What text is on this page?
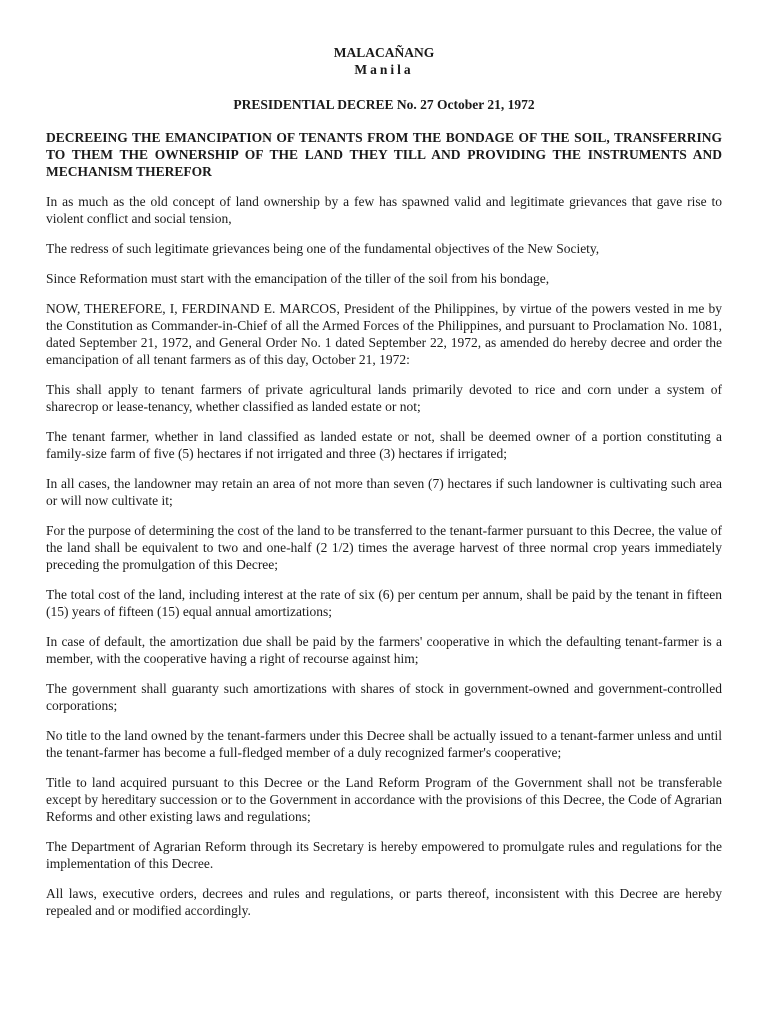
MALACAÑANG

Manila

PRESIDENTIAL DECREE No. 27 October 21, 1972

DECREEING THE EMANCIPATION OF TENANTS FROM THE BONDAGE OF THE SOIL, TRANSFERRING TO THEM THE OWNERSHIP OF THE LAND THEY TILL AND PROVIDING THE INSTRUMENTS AND MECHANISM THEREFOR

In as much as the old concept of land ownership by a few has spawned valid and legitimate grievances that gave rise to violent conflict and social tension,

The redress of such legitimate grievances being one of the fundamental objectives of the New Society,

Since Reformation must start with the emancipation of the tiller of the soil from his bondage,

NOW, THEREFORE, I, FERDINAND E. MARCOS, President of the Philippines, by virtue of the powers vested in me by the Constitution as Commander-in-Chief of all the Armed Forces of the Philippines, and pursuant to Proclamation No. 1081, dated September 21, 1972, and General Order No. 1 dated September 22, 1972, as amended do hereby decree and order the emancipation of all tenant farmers as of this day, October 21, 1972:

This shall apply to tenant farmers of private agricultural lands primarily devoted to rice and corn under a system of sharecrop or lease-tenancy, whether classified as landed estate or not;

The tenant farmer, whether in land classified as landed estate or not, shall be deemed owner of a portion constituting a family-size farm of five (5) hectares if not irrigated and three (3) hectares if irrigated;

In all cases, the landowner may retain an area of not more than seven (7) hectares if such landowner is cultivating such area or will now cultivate it;

For the purpose of determining the cost of the land to be transferred to the tenant-farmer pursuant to this Decree, the value of the land shall be equivalent to two and one-half (2 1/2) times the average harvest of three normal crop years immediately preceding the promulgation of this Decree;

The total cost of the land, including interest at the rate of six (6) per centum per annum, shall be paid by the tenant in fifteen (15) years of fifteen (15) equal annual amortizations;

In case of default, the amortization due shall be paid by the farmers' cooperative in which the defaulting tenant-farmer is a member, with the cooperative having a right of recourse against him;

The government shall guaranty such amortizations with shares of stock in government-owned and government-controlled corporations;

No title to the land owned by the tenant-farmers under this Decree shall be actually issued to a tenant-farmer unless and until the tenant-farmer has become a full-fledged member of a duly recognized farmer's cooperative;

Title to land acquired pursuant to this Decree or the Land Reform Program of the Government shall not be transferable except by hereditary succession or to the Government in accordance with the provisions of this Decree, the Code of Agrarian Reforms and other existing laws and regulations;

The Department of Agrarian Reform through its Secretary is hereby empowered to promulgate rules and regulations for the implementation of this Decree.

All laws, executive orders, decrees and rules and regulations, or parts thereof, inconsistent with this Decree are hereby repealed and or modified accordingly.
